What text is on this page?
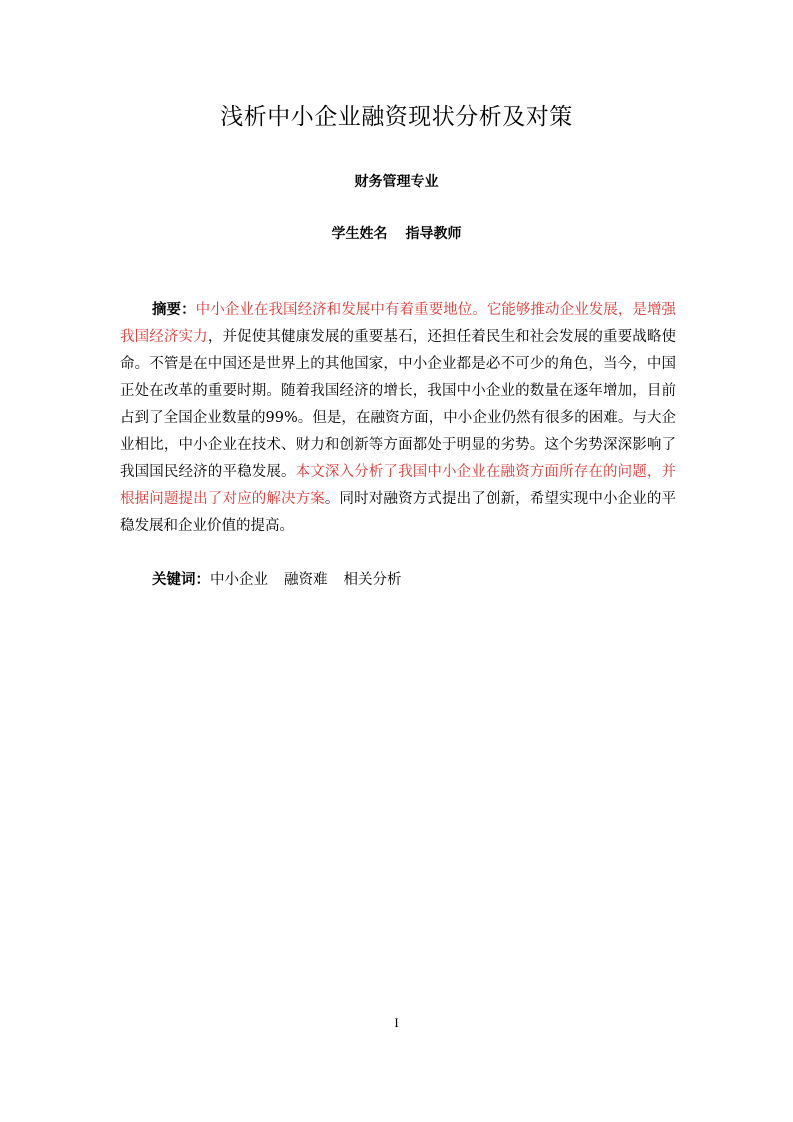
浅析中小企业融资现状分析及对策
财务管理专业
学生姓名 指导教师

摘要：中小企业在我国经济和发展中有着重要地位。它能够推动企业发展，是增强我国经济实力，并促使其健康发展的重要基石，还担任着民生和社会发展的重要战略使命。不管是在中国还是世界上的其他国家，中小企业都是必不可少的角色，当今，中国正处在改革的重要时期。随着我国经济的增长，我国中小企业的数量在逐年增加，目前占到了全国企业数量的99%。但是，在融资方面，中小企业仍然有很多的困难。与大企业相比，中小企业在技术、财力和创新等方面都处于明显的劣势。这个劣势深深影响了我国国民经济的平稳发展。本文深入分析了我国中小企业在融资方面所存在的问题，并根据问题提出了对应的解决方案。同时对融资方式提出了创新，希望实现中小企业的平稳发展和企业价值的提高。

关键词：中小企业 融资难 相关分析

I
